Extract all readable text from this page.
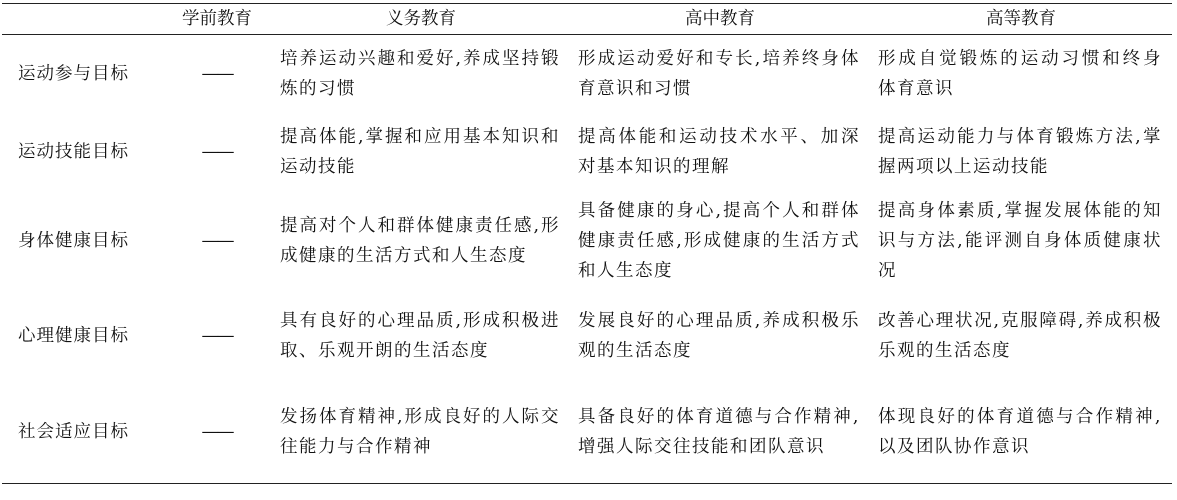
	学前教育	义务教育	高中教育	高等教育
运动参与目标	——	培养运动兴趣和爱好,养成坚持锻炼的习惯	形成运动爱好和专长,培养终身体育意识和习惯	形成自觉锻炼的运动习惯和终身体育意识
运动技能目标	——	提高体能,掌握和应用基本知识和运动技能	提高体能和运动技术水平、加深对基本知识的理解	提高运动能力与体育锻炼方法,掌握两项以上运动技能
身体健康目标	——	提高对个人和群体健康责任感,形成健康的生活方式和人生态度	具备健康的身心,提高个人和群体健康责任感,形成健康的生活方式和人生态度	提高身体素质,掌握发展体能的知识与方法,能评测自身体质健康状况
心理健康目标	——	具有良好的心理品质,形成积极进取、乐观开朗的生活态度	发展良好的心理品质,养成积极乐观的生活态度	改善心理状况,克服障碍,养成积极乐观的生活态度
社会适应目标	——	发扬体育精神,形成良好的人际交往能力与合作精神	具备良好的体育道德与合作精神,增强人际交往技能和团队意识	体现良好的体育道德与合作精神,以及团队协作意识
